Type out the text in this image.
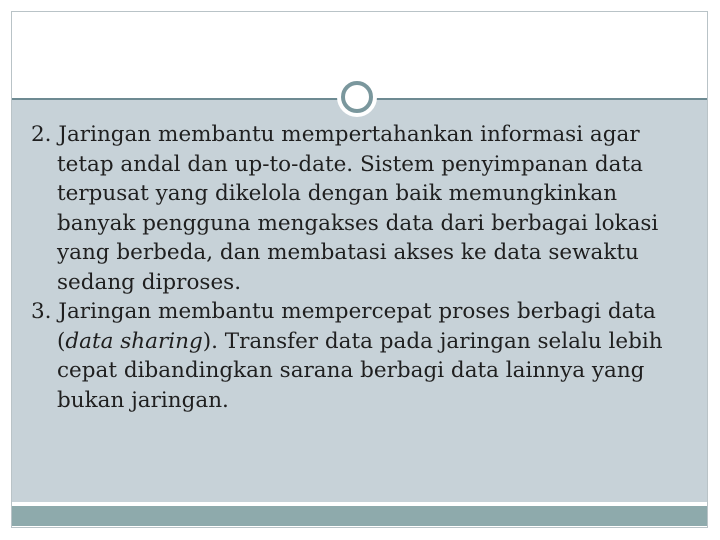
2. Jaringan membantu mempertahankan informasi agar tetap andal dan up-to-date. Sistem penyimpanan data terpusat yang dikelola dengan baik memungkinkan banyak pengguna mengakses data dari berbagai lokasi yang berbeda, dan membatasi akses ke data sewaktu sedang diproses.
3. Jaringan membantu mempercepat proses berbagi data (data sharing). Transfer data pada jaringan selalu lebih cepat dibandingkan sarana berbagi data lainnya yang bukan jaringan.
